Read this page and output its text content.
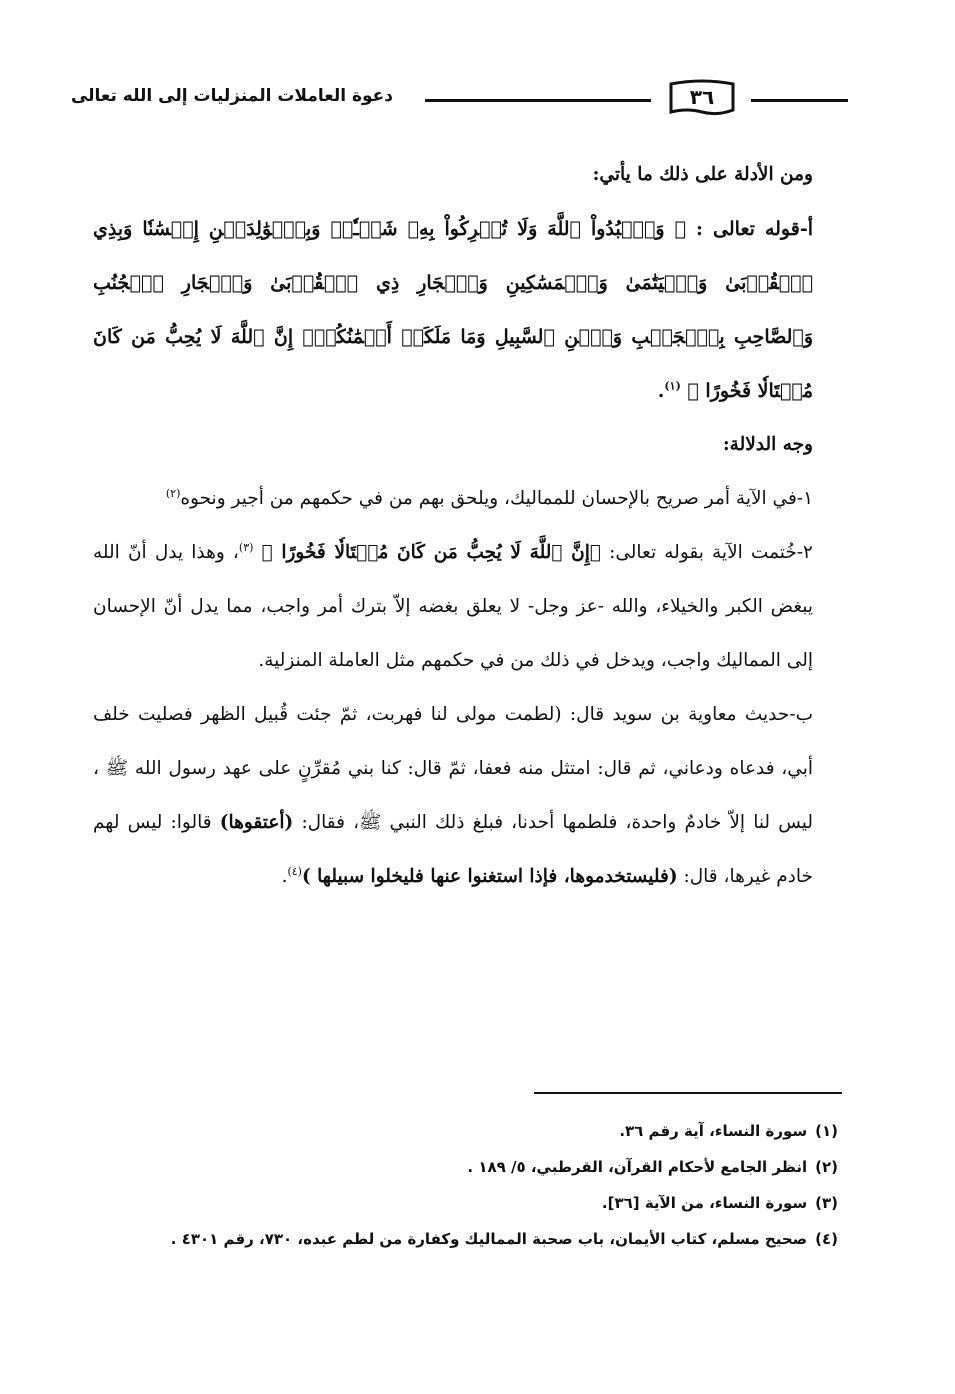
دعوة العاملات المنزليات إلى الله تعالى	٣٦

ومن الأدلة على ذلك ما يأتي:

أ-قوله تعالى : ﴿ وَٱعۡبُدُواْ ٱللَّهَ وَلَا تُشۡرِكُواْ بِهِۦ شَيۡـٔٗاۖ وَبِٱلۡوَٰلِدَيۡنِ إِحۡسَٰنٗا وَبِذِي ٱلۡقُرۡبَىٰ وَٱلۡيَتَٰمَىٰ وَٱلۡمَسَٰكِينِ وَٱلۡجَارِ ذِي ٱلۡقُرۡبَىٰ وَٱلۡجَارِ ٱلۡجُنُبِ وَٱلصَّاحِبِ بِٱلۡجَنۢبِ وَٱبۡنِ ٱلسَّبِيلِ وَمَا مَلَكَتۡ أَيۡمَٰنُكُمۡۗ إِنَّ ٱللَّهَ لَا يُحِبُّ مَن كَانَ مُخۡتَالٗا فَخُورًا ﴾ $^{(١)}$.

وجه الدلالة:

١-في الآية أمر صريح بالإحسان للمماليك، ويلحق بهم من في حكمهم من أجير ونحوه$^{(٢)}$

٢-خُتمت الآية بقوله تعالى: ﴿إِنَّ ٱللَّهَ لَا يُحِبُّ مَن كَانَ مُخۡتَالٗا فَخُورًا ﴾ $^{(٣)}$، وهذا يدل أنّ الله يبغض الكبر والخيلاء، والله -عز وجل- لا يعلق بغضه إلاّ بترك أمر واجب، مما يدل أنّ الإحسان إلى المماليك واجب، ويدخل في ذلك من في حكمهم مثل العاملة المنزلية.

ب-حديث معاوية بن سويد قال: (لطمت مولى لنا فهربت، ثمّ جئت قُبيل الظهر فصليت خلف أبي، فدعاه ودعاني، ثم قال: امتثل منه فعفا، ثمّ قال: كنا بني مُقرِّنٍ على عهد رسول الله ﷺ ، ليس لنا إلاّ خادمٌ واحدة، فلطمها أحدنا، فبلغ ذلك النبي ﷺ، فقال: (أعتقوها) قالوا: ليس لهم خادم غيرها، قال: (فليستخدموها، فإذا استغنوا عنها فليخلوا سبيلها )$^{(٤)}$.

(١)سورة النساء، آية رقم ٣٦.

(٢)انظر الجامع لأحكام القرآن، القرطبي، ٥/ ١٨٩ .

(٣)سورة النساء، من الآية [٣٦].

(٤)صحيح مسلم، كتاب الأيمان، باب صحبة المماليك وكفارة من لطم عبده، ٧٣٠، رقم ٤٣٠١ .
